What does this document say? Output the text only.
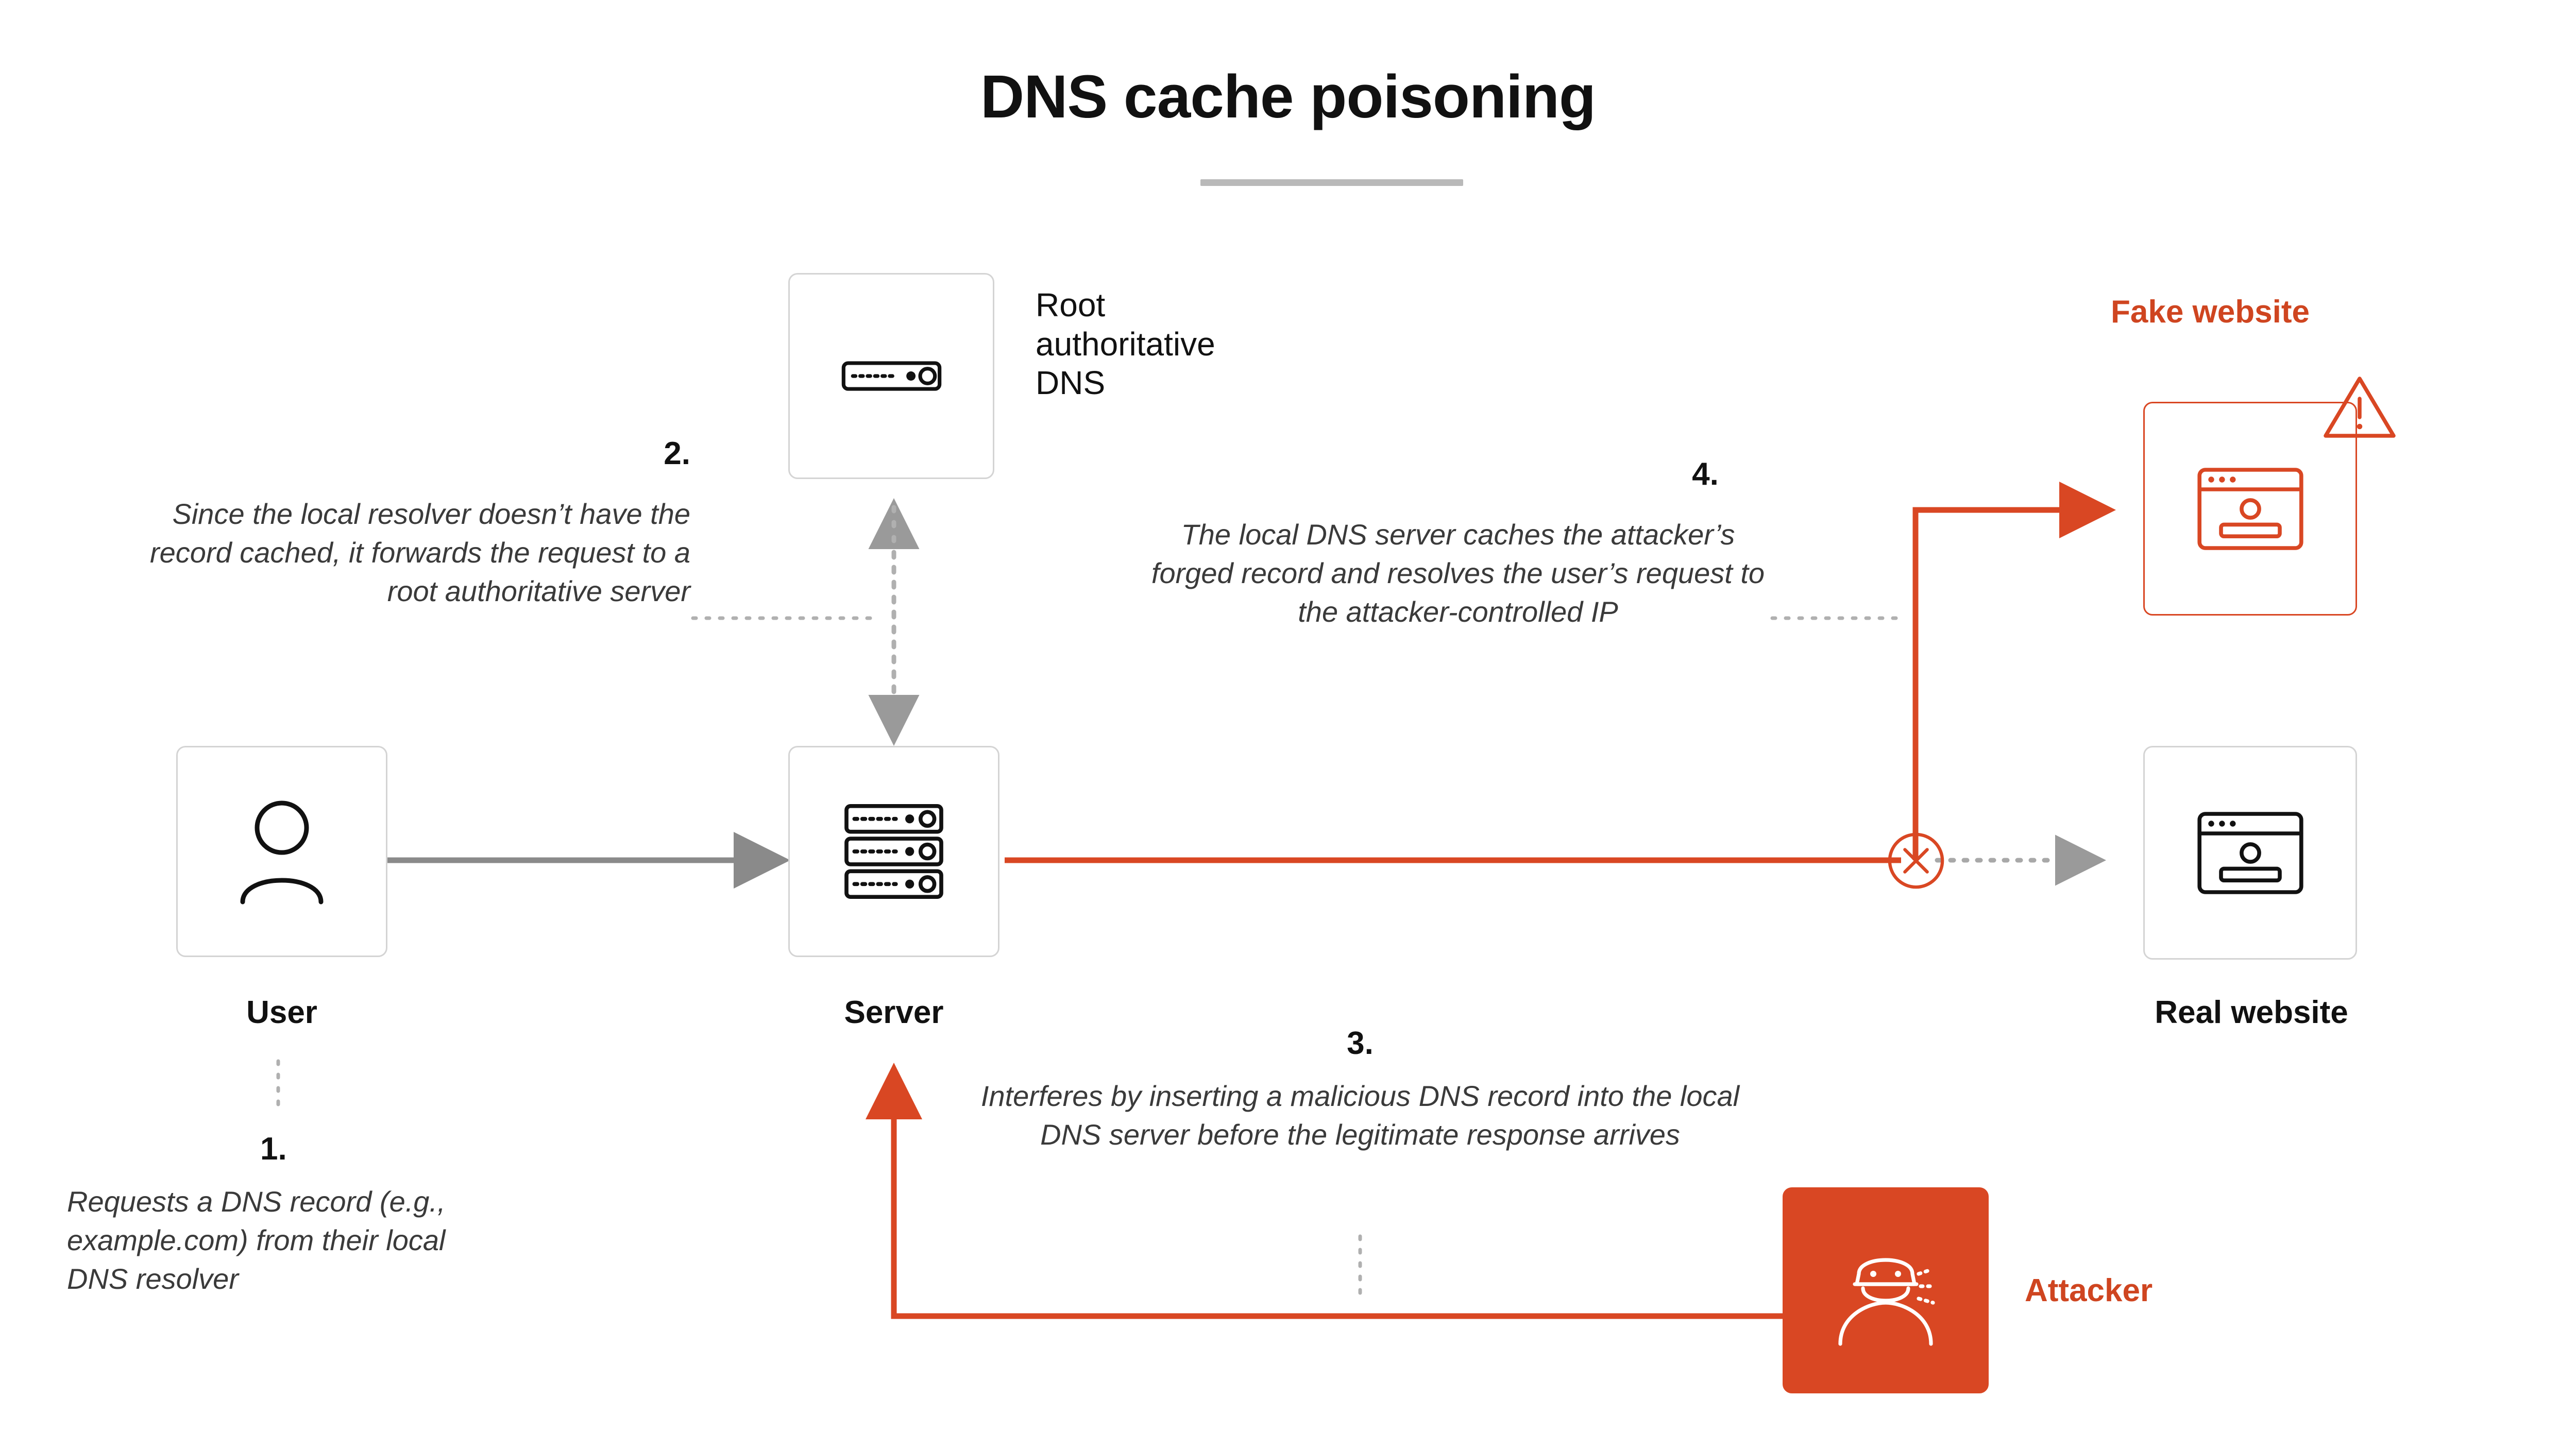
DNS cache poisoning
User	Server
Root
authoritative
DNS
Fake website
Real website
Attacker
1.
Requests a DNS record (e.g., example.com) from their local DNS resolver
2.
Since the local resolver doesn’t have the record cached, it forwards the request to a root authoritative server
3.
Interferes by inserting a malicious DNS record into the local DNS server before the legitimate response arrives
4.
The local DNS server caches the attacker’s forged record and resolves the user’s request to the attacker-controlled IP
